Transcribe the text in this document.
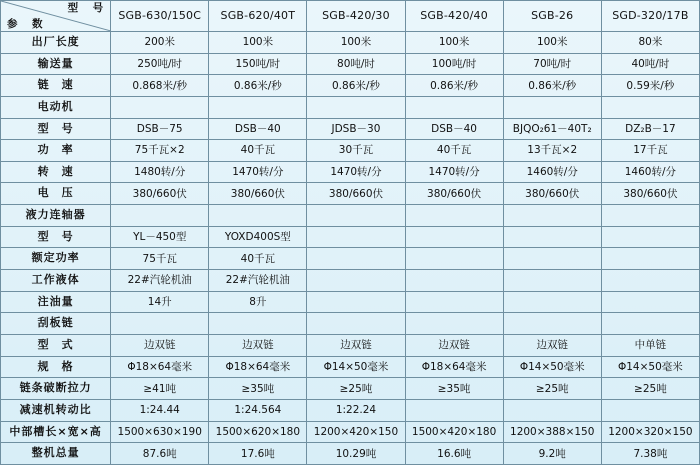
型　号
参　数	SGB-630/150C	SGB-620/40T	SGB-420/30	SGB-420/40	SGB-26	SGD-320/17B
出厂长度	200米	100米	100米	100米	100米	80米
输送量	250吨/时	150吨/时	80吨/时	100吨/时	70吨/时	40吨/时
链　速	0.868米/秒	0.86米/秒	0.86米/秒	0.86米/秒	0.86米/秒	0.59米/秒
电动机						
型　号	DSB－75	DSB－40	JDSB－30	DSB－40	BJQO₂61－40T₂	DZ₂B－17
功　率	75千瓦×2	40千瓦	30千瓦	40千瓦	13千瓦×2	17千瓦
转　速	1480转/分	1470转/分	1470转/分	1470转/分	1460转/分	1460转/分
电　压	380/660伏	380/660伏	380/660伏	380/660伏	380/660伏	380/660伏
液力连轴器						
型　号	YL－450型	YOXD400S型				
额定功率	75千瓦	40千瓦				
工作液体	22#汽轮机油	22#汽轮机油				
注油量	14升	8升				
刮板链						
型　式	边双链	边双链	边双链	边双链	边双链	中单链
规　格	Φ18×64毫米	Φ18×64毫米	Φ14×50毫米	Φ18×64毫米	Φ14×50毫米	Φ14×50毫米
链条破断拉力	≥41吨	≥35吨	≥25吨	≥35吨	≥25吨	≥25吨
减速机转动比	1:24.44	1:24.564	1:22.24			
中部槽长×宽×高	1500×630×190	1500×620×180	1200×420×150	1500×420×180	1200×388×150	1200×320×150
整机总量	87.6吨	17.6吨	10.29吨	16.6吨	9.2吨	7.38吨
